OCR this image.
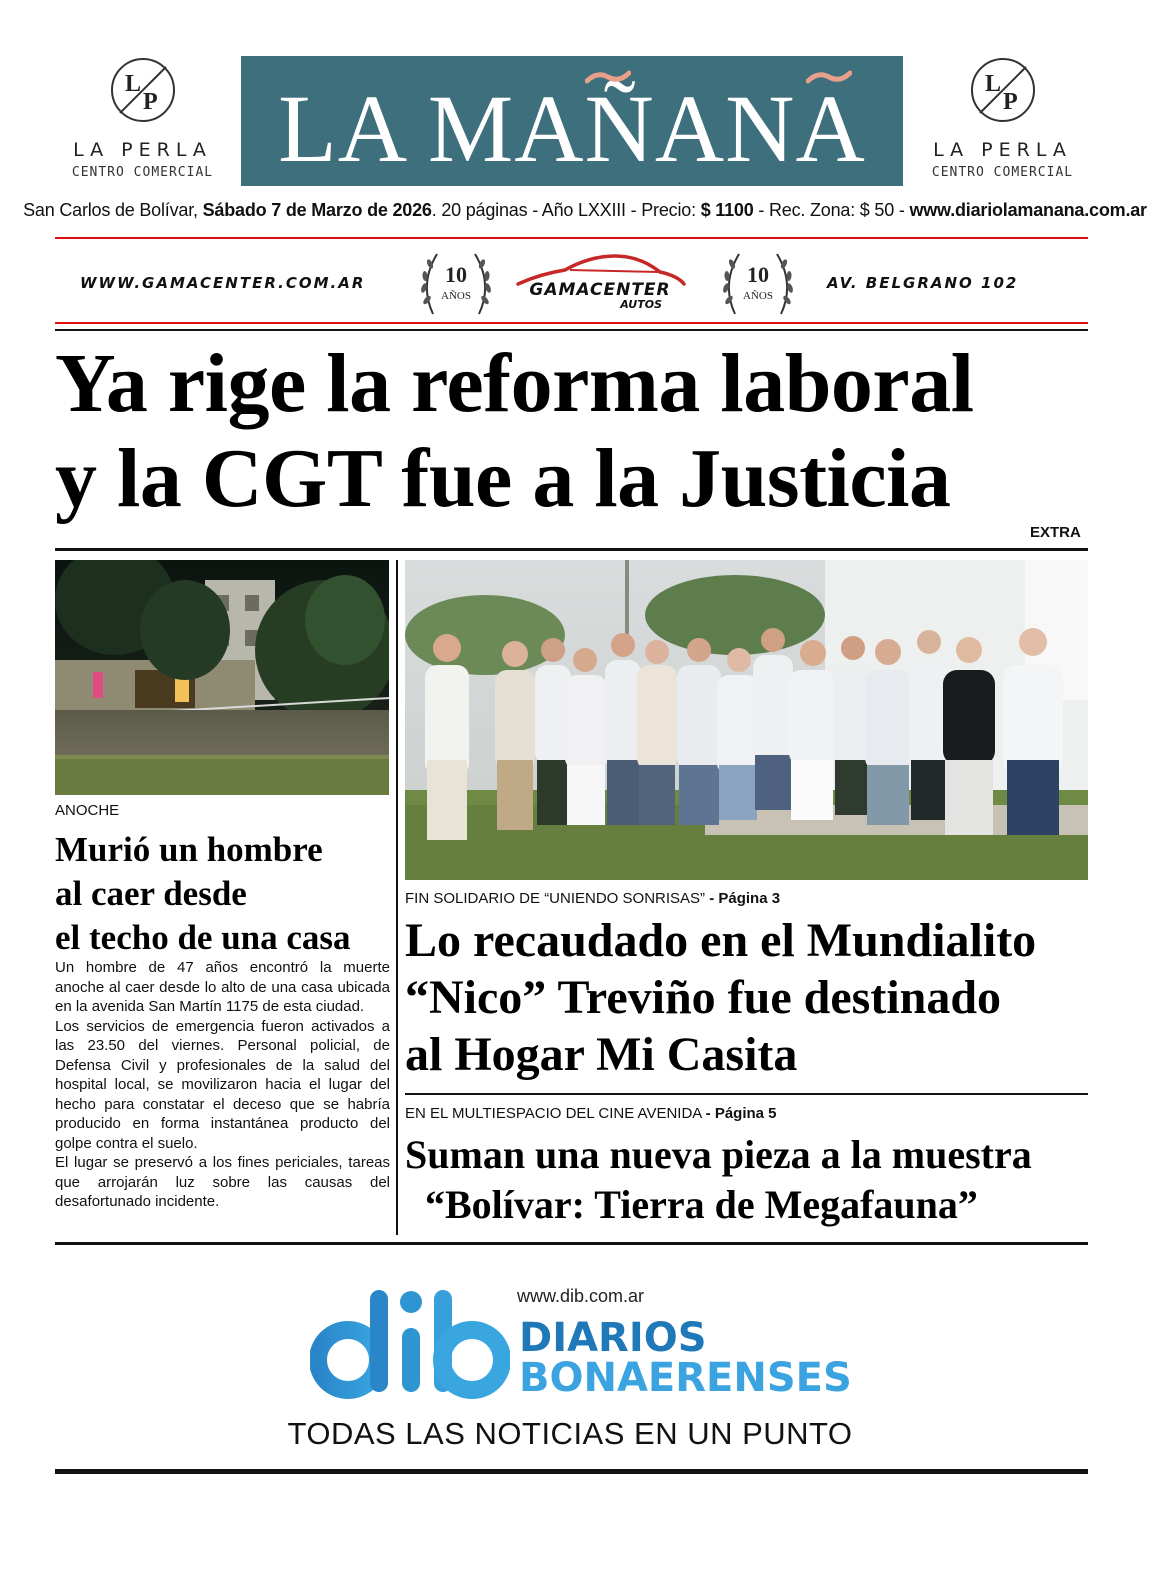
L
P
LA PERLA
CENTRO COMERCIAL LA MAÑANA	L
P
LA PERLA
CENTRO COMERCIAL
San Carlos de Bolívar, Sábado 7 de Marzo de 2026. 20 páginas - Año LXXIII - Precio: $ 1100 - Rec. Zona: $ 50 - www.diariolamanana.com.ar
WWW.GAMACENTER.COM.AR	10
AÑOS	GAMACENTER
AUTOS
10
AÑOS
AV. BELGRANO 102
Ya rige la reforma laboral
y la CGT fue a la Justicia
EXTRA
ANOCHE
Murió un hombre
al caer desde
el techo de una casa

Un hombre de 47 años encontró la muerte anoche al caer desde lo alto de una casa ubicada en la avenida San Martín 1175 de esta ciudad.

Los servicios de emergencia fueron activados a las 23.50 del viernes. Personal policial, de Defensa Civil y profesionales de la salud del hospital local, se movilizaron hacia el lugar del hecho para constatar el deceso que se habría producido en forma instantánea producto del golpe contra el suelo.

El lugar se preservó a los fines periciales, tareas que arrojarán luz sobre las causas del desafortunado incidente.

FIN SOLIDARIO DE “UNIENDO SONRISAS” - Página 3
Lo recaudado en el Mundialito
“Nico” Treviño fue destinado
al Hogar Mi Casita
EN EL MULTIESPACIO DEL CINE AVENIDA - Página 5
Suman una nueva pieza a la muestra
“Bolívar: Tierra de Megafauna”
dib
www.dib.com.ar
DIARIOS
BONAERENSES
TODAS LAS NOTICIAS EN UN PUNTO
